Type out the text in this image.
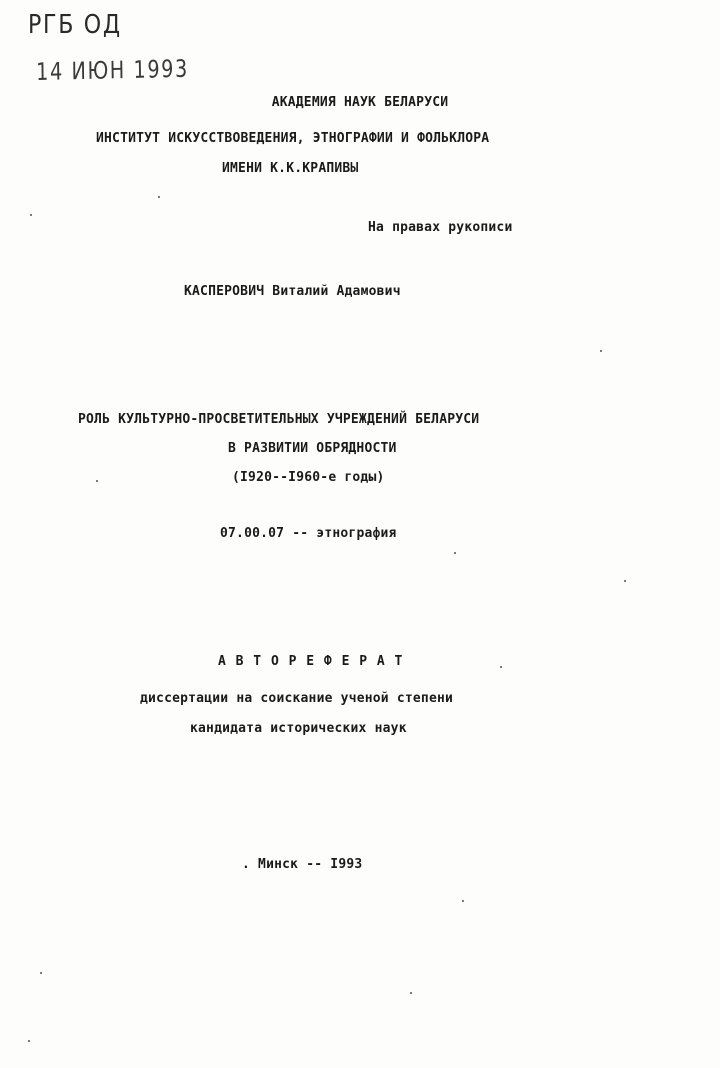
РГБ ОД
14 ИЮН 1993
АКАДЕМИЯ НАУК БЕЛАРУСИ
ИНСТИТУТ ИСКУССТВОВЕДЕНИЯ, ЭТНОГРАФИИ И ФОЛЬКЛОРА
ИМЕНИ К.К.КРАПИВЫ
На правах рукописи
КАСПЕРОВИЧ Виталий Адамович
РОЛЬ КУЛЬТУРНО-ПРОСВЕТИТЕЛЬНЫХ УЧРЕЖДЕНИЙ БЕЛАРУСИ
В РАЗВИТИИ ОБРЯДНОСТИ
(I920--I960-е годы)
07.00.07 -- этнография
А В Т О Р Е Ф Е Р А Т
диссертации на соискание ученой степени
кандидата исторических наук
. Минск -- I993
